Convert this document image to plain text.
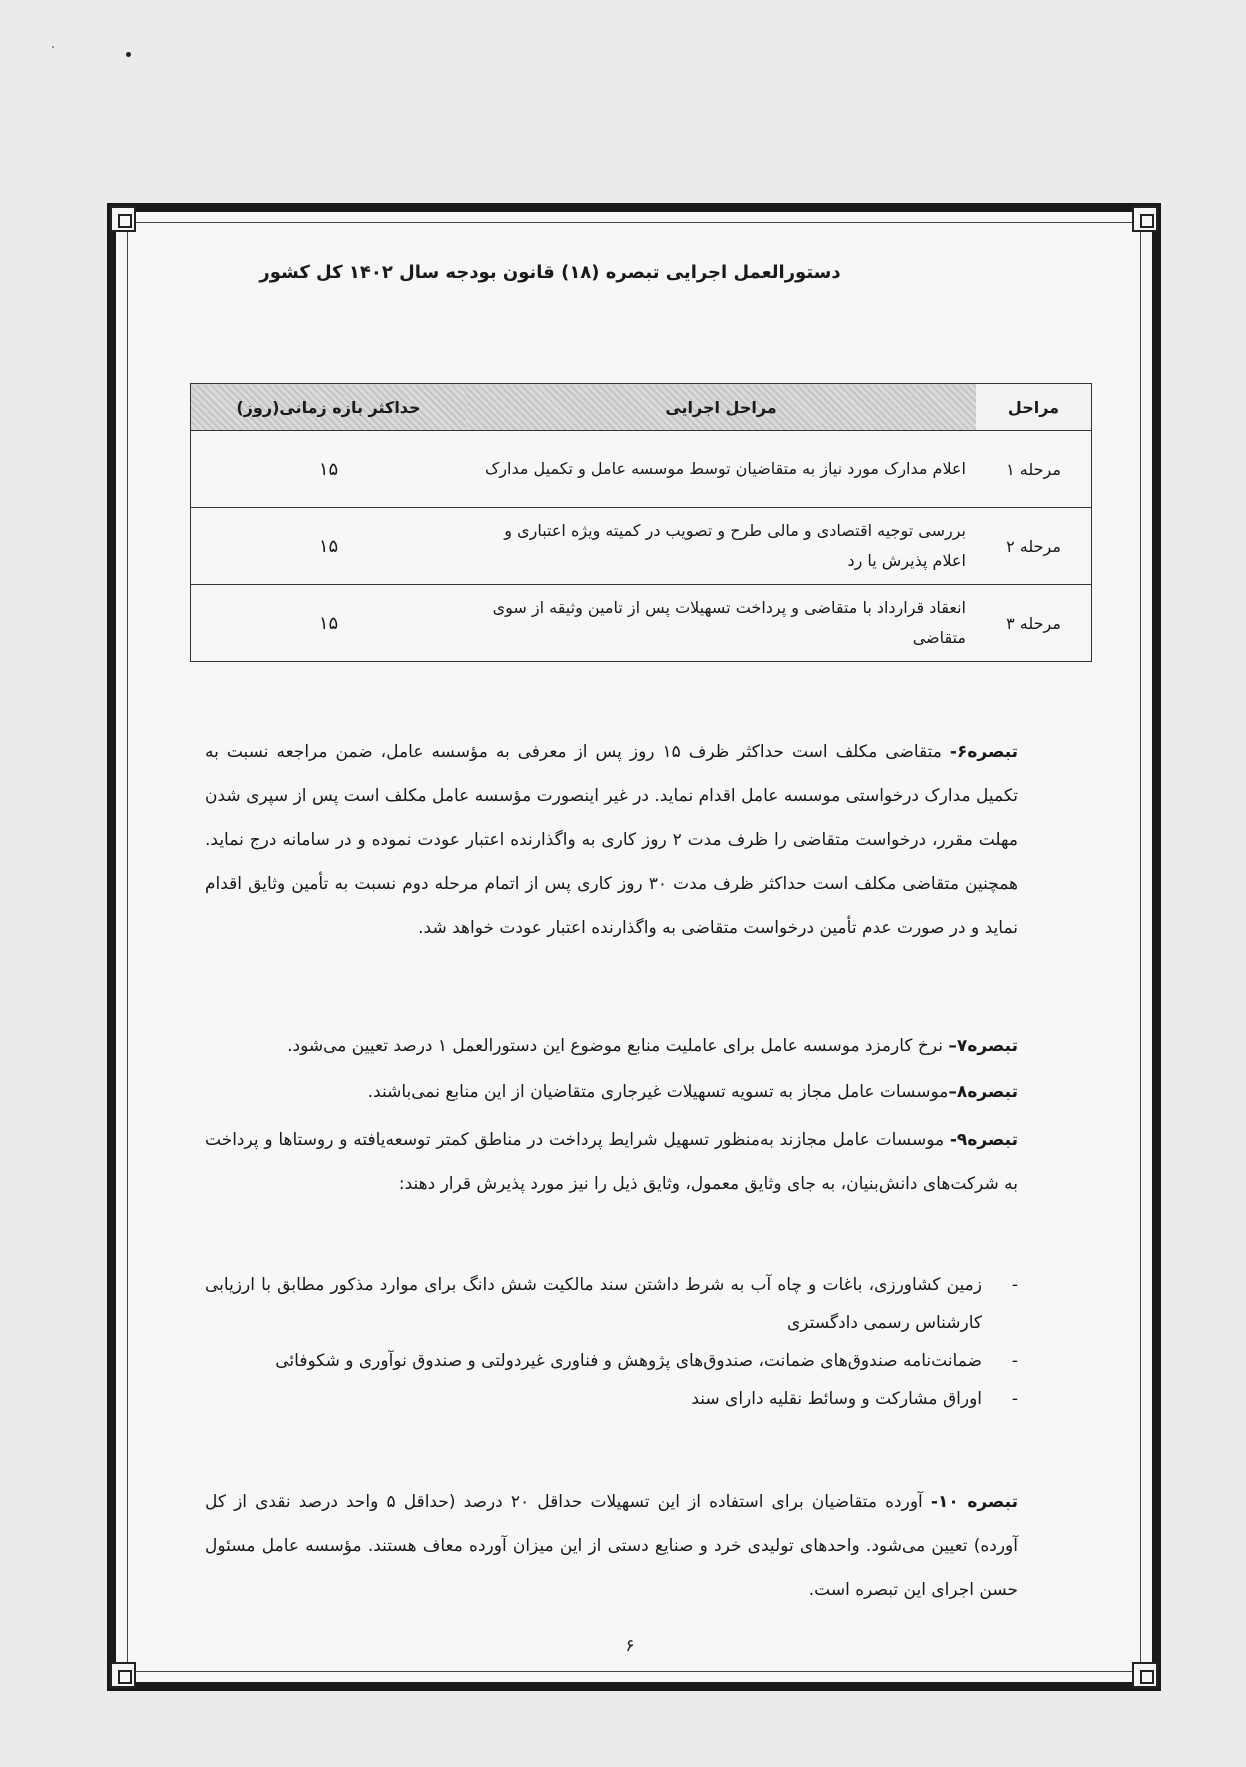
دستورالعمل اجرایی تبصره (۱۸) قانون بودجه سال ۱۴۰۲ کل کشور
مراحل	مراحل اجرایی	حداکثر بازه زمانی(روز)
مرحله ۱	اعلام مدارک مورد نیاز به متقاضیان توسط موسسه عامل و تکمیل مدارک	۱۵
مرحله ۲	بررسی توجیه اقتصادی و مالی طرح و تصویب در کمیته ویژه اعتباری و اعلام پذیرش یا رد	۱۵
مرحله ۳	انعقاد قرارداد با متقاضی و پرداخت تسهیلات پس از تامین وثیقه از سوی متقاضی	۱۵
تبصره۶- متقاضی مکلف است حداکثر ظرف ۱۵ روز پس از معرفی به مؤسسه عامل، ضمن مراجعه نسبت به تکمیل مدارک درخواستی موسسه عامل اقدام نماید. در غیر اینصورت مؤسسه عامل مکلف است پس از سپری شدن مهلت مقرر، درخواست متقاضی را ظرف مدت ۲ روز کاری به واگذارنده اعتبار عودت نموده و در سامانه درج نماید. همچنین متقاضی مکلف است حداکثر ظرف مدت ۳۰ روز کاری پس از اتمام مرحله دوم نسبت به تأمین وثایق اقدام نماید و در صورت عدم تأمین درخواست متقاضی به واگذارنده اعتبار عودت خواهد شد.
تبصره۷– نرخ کارمزد موسسه عامل برای عاملیت منابع موضوع این دستورالعمل ۱ درصد تعیین می‌شود.
تبصره۸–موسسات عامل مجاز به تسویه تسهیلات غیرجاری متقاضیان از این منابع نمی‌باشند.
تبصره۹- موسسات عامل مجازند به‌منظور تسهیل شرایط پرداخت در مناطق کمتر توسعه‌یافته و روستاها و پرداخت به شرکت‌های دانش‌بنیان، به جای وثایق معمول، وثایق ذیل را نیز مورد پذیرش قرار دهند:
-
زمین کشاورزی، باغات و چاه آب به شرط داشتن سند مالکیت شش دانگ برای موارد مذکور مطابق با ارزیابی کارشناس رسمی دادگستری
-
ضمانت‌نامه صندوق‌های ضمانت، صندوق‌های پژوهش و فناوری غیردولتی و صندوق نوآوری و شکوفائی
-
اوراق مشارکت و وسائط نقلیه دارای سند
تبصره ۱۰- آورده متقاضیان برای استفاده از این تسهیلات حداقل ۲۰ درصد (حداقل ۵ واحد درصد نقدی از کل آورده) تعیین می‌شود. واحدهای تولیدی خرد و صنایع دستی از این میزان آورده معاف هستند. مؤسسه عامل مسئول حسن اجرای این تبصره است.
۶
